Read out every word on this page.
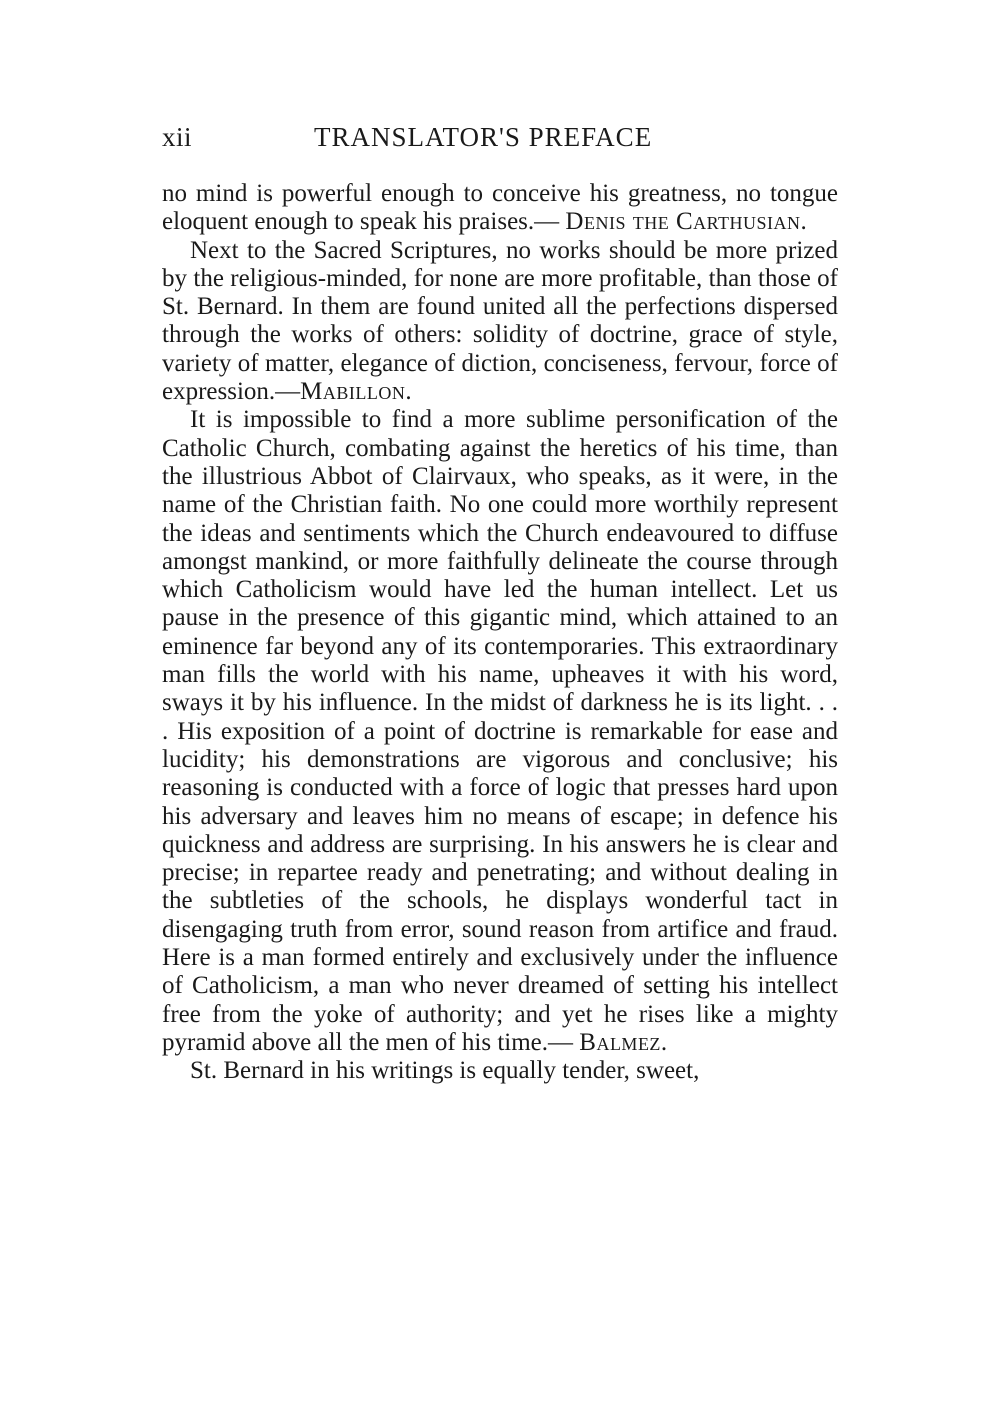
xii	TRANSLATOR'S PREFACE

no mind is powerful enough to conceive his greatness, no tongue eloquent enough to speak his praises.— Denis the Carthusian.

Next to the Sacred Scriptures, no works should be more prized by the religious-minded, for none are more profitable, than those of St. Bernard. In them are found united all the perfections dispersed through the works of others: solidity of doctrine, grace of style, variety of matter, elegance of diction, conciseness, fervour, force of expression.—Mabillon.

It is impossible to find a more sublime personification of the Catholic Church, combating against the heretics of his time, than the illustrious Abbot of Clairvaux, who speaks, as it were, in the name of the Christian faith. No one could more worthily represent the ideas and sentiments which the Church endeavoured to diffuse amongst mankind, or more faithfully delineate the course through which Catholicism would have led the human intellect. Let us pause in the presence of this gigantic mind, which attained to an eminence far beyond any of its contemporaries. This extraordinary man fills the world with his name, upheaves it with his word, sways it by his influence. In the midst of darkness he is its light. . . . His exposition of a point of doctrine is remarkable for ease and lucidity; his demonstrations are vigorous and conclusive; his reasoning is conducted with a force of logic that presses hard upon his adversary and leaves him no means of escape; in defence his quickness and address are surprising. In his answers he is clear and precise; in repartee ready and penetrating; and without dealing in the subtleties of the schools, he displays wonderful tact in disengaging truth from error, sound reason from artifice and fraud. Here is a man formed entirely and exclusively under the influence of Catholicism, a man who never dreamed of setting his intellect free from the yoke of authority; and yet he rises like a mighty pyramid above all the men of his time.— Balmez.

St. Bernard in his writings is equally tender, sweet,
